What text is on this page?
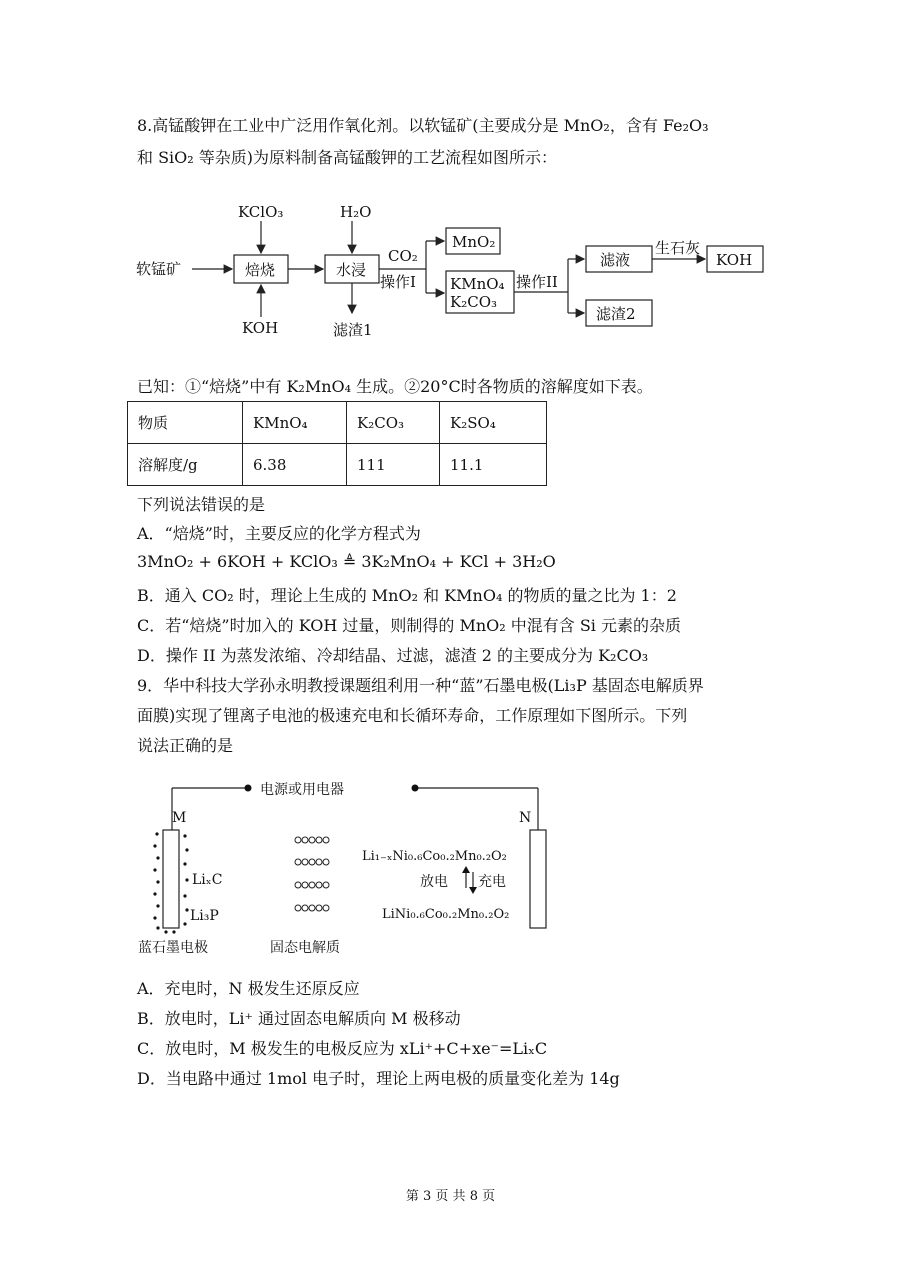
8.高锰酸钾在工业中广泛用作氧化剂。以软锰矿(主要成分是 MnO₂，含有 Fe₂O₃
和 SiO₂ 等杂质)为原料制备高锰酸钾的工艺流程如图所示：
软锰矿
KClO₃
KOH
焙烧
H₂O
水浸
滤渣1
CO₂
操作I
MnO₂
KMnO₄
K₂CO₃
操作II
滤液
生石灰
KOH
滤渣2
已知：①“焙烧”中有 K₂MnO₄ 生成。②20°C时各物质的溶解度如下表。
物质	KMnO₄	K₂CO₃	K₂SO₄
溶解度/g	6.38	111	11.1
下列说法错误的是
A．“焙烧”时，主要反应的化学方程式为
3MnO₂ + 6KOH + KClO₃ ≜ 3K₂MnO₄ + KCl + 3H₂O
B．通入 CO₂ 时，理论上生成的 MnO₂ 和 KMnO₄ 的物质的量之比为 1：2
C．若“焙烧”时加入的 KOH 过量，则制得的 MnO₂ 中混有含 Si 元素的杂质
D．操作 II 为蒸发浓缩、冷却结晶、过滤，滤渣 2 的主要成分为 K₂CO₃
9．华中科技大学孙永明教授课题组利用一种“蓝”石墨电极(Li₃P 基固态电解质界
面膜)实现了锂离子电池的极速充电和长循环寿命，工作原理如下图所示。下列
说法正确的是
电源或用电器
M	N
LiₓC
Li₃P
Li₁₋ₓNi₀.₆Co₀.₂Mn₀.₂O₂
放电 充电
LiNi₀.₆Co₀.₂Mn₀.₂O₂
蓝石墨电极	固态电解质
A．充电时，N 极发生还原反应
B．放电时，Li⁺ 通过固态电解质向 M 极移动
C．放电时，M 极发生的电极反应为 xLi⁺+C+xe⁻=LiₓC
D．当电路中通过 1mol 电子时，理论上两电极的质量变化差为 14g
第 3 页 共 8 页
